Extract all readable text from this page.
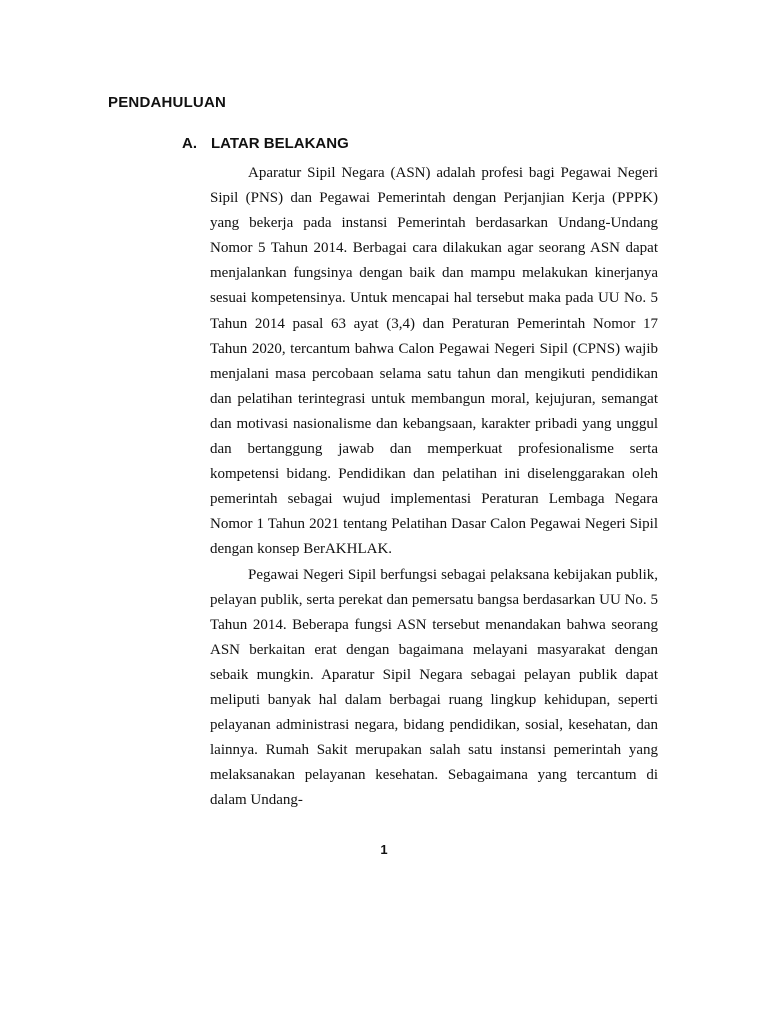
PENDAHULUAN
A. LATAR BELAKANG

Aparatur Sipil Negara (ASN) adalah profesi bagi Pegawai Negeri Sipil (PNS) dan Pegawai Pemerintah dengan Perjanjian Kerja (PPPK) yang bekerja pada instansi Pemerintah berdasarkan Undang-Undang Nomor 5 Tahun 2014. Berbagai cara dilakukan agar seorang ASN dapat menjalankan fungsinya dengan baik dan mampu melakukan kinerjanya sesuai kompetensinya. Untuk mencapai hal tersebut maka pada UU No. 5 Tahun 2014 pasal 63 ayat (3,4) dan Peraturan Pemerintah Nomor 17 Tahun 2020, tercantum bahwa Calon Pegawai Negeri Sipil (CPNS) wajib menjalani masa percobaan selama satu tahun dan mengikuti pendidikan dan pelatihan terintegrasi untuk membangun moral, kejujuran, semangat dan motivasi nasionalisme dan kebangsaan, karakter pribadi yang unggul dan bertanggung jawab dan memperkuat profesionalisme serta kompetensi bidang. Pendidikan dan pelatihan ini diselenggarakan oleh pemerintah sebagai wujud implementasi Peraturan Lembaga Negara Nomor 1 Tahun 2021 tentang Pelatihan Dasar Calon Pegawai Negeri Sipil dengan konsep BerAKHLAK.

Pegawai Negeri Sipil berfungsi sebagai pelaksana kebijakan publik, pelayan publik, serta perekat dan pemersatu bangsa berdasarkan UU No. 5 Tahun 2014. Beberapa fungsi ASN tersebut menandakan bahwa seorang ASN berkaitan erat dengan bagaimana melayani masyarakat dengan sebaik mungkin. Aparatur Sipil Negara sebagai pelayan publik dapat meliputi banyak hal dalam berbagai ruang lingkup kehidupan, seperti pelayanan administrasi negara, bidang pendidikan, sosial, kesehatan, dan lainnya. Rumah Sakit merupakan salah satu instansi pemerintah yang melaksanakan pelayanan kesehatan. Sebagaimana yang tercantum di dalam Undang-

1
